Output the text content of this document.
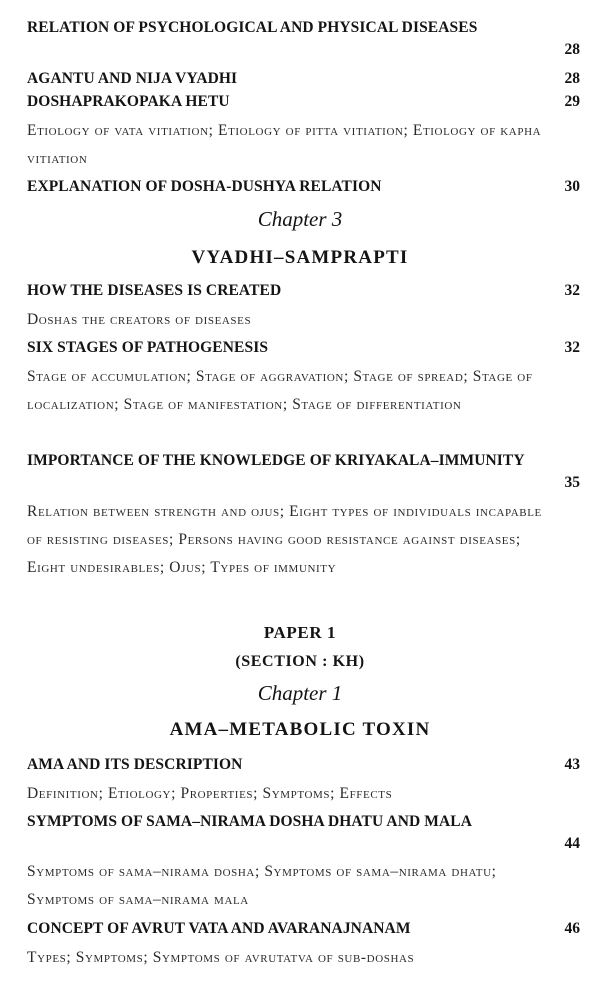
RELATION OF PSYCHOLOGICAL AND PHYSICAL DISEASES
28
AGANTU AND NIJA VYADHI	28
DOSHAPRAKOPAKA HETU	29
Etiology of vata vitiation; Etiology of pitta vitiation; Etiology of kapha vitiation
EXPLANATION OF DOSHA-DUSHYA RELATION	30
Chapter 3
VYADHI–SAMPRAPTI
HOW THE DISEASES IS CREATED	32
Doshas the creators of diseases
SIX STAGES OF PATHOGENESIS	32
Stage of accumulation; Stage of aggravation; Stage of spread; Stage of localization; Stage of manifestation; Stage of differentiation
IMPORTANCE OF THE KNOWLEDGE OF KRIYAKALA–IMMUNITY
35
Relation between strength and ojus; Eight types of individuals incapable of resisting diseases; Persons having good resistance against diseases; Eight undesirables; Ojus; Types of immunity
PAPER 1
(SECTION : KH)
Chapter 1
AMA–METABOLIC TOXIN
AMA AND ITS DESCRIPTION	43
Definition; Etiology; Properties; Symptoms; Effects
SYMPTOMS OF SAMA–NIRAMA DOSHA DHATU AND MALA
44
Symptoms of sama–nirama dosha; Symptoms of sama–nirama dhatu; Symptoms of sama–nirama mala
CONCEPT OF AVRUT VATA AND AVARANAJNANAM	46
Types; Symptoms; Symptoms of avrutatva of sub-doshas
